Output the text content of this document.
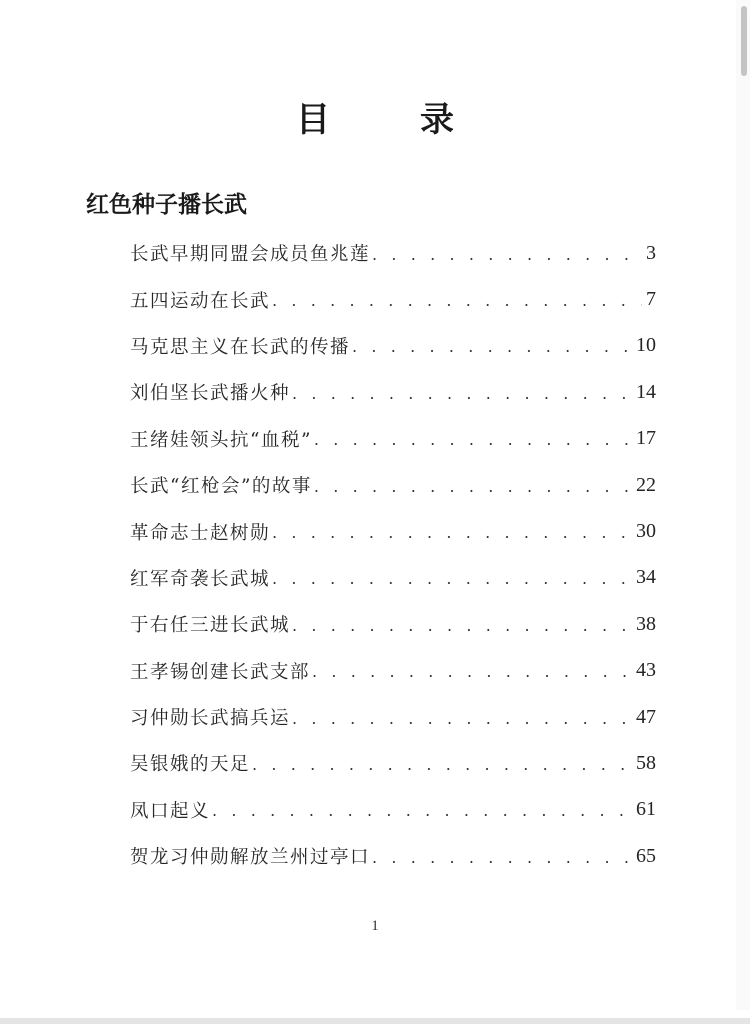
目　录
红色种子播长武
长武早期同盟会成员鱼兆莲 . . .	3
五四运动在长武 . . .	7
马克思主义在长武的传播 . . .	10
刘伯坚长武播火种 . . .	14
王绪娃领头抗“血税” . . .	17
长武“红枪会”的故事 . . .	22
革命志士赵树勋 . . .	30
红军奇袭长武城 . . .	34
于右任三进长武城 . . .	38
王孝锡创建长武支部 . . .	43
习仲勋长武搞兵运 . . .	47
吴银娥的天足 . . .	58
凤口起义 . . .	61
贺龙习仲勋解放兰州过亭口 . . .	65
1
